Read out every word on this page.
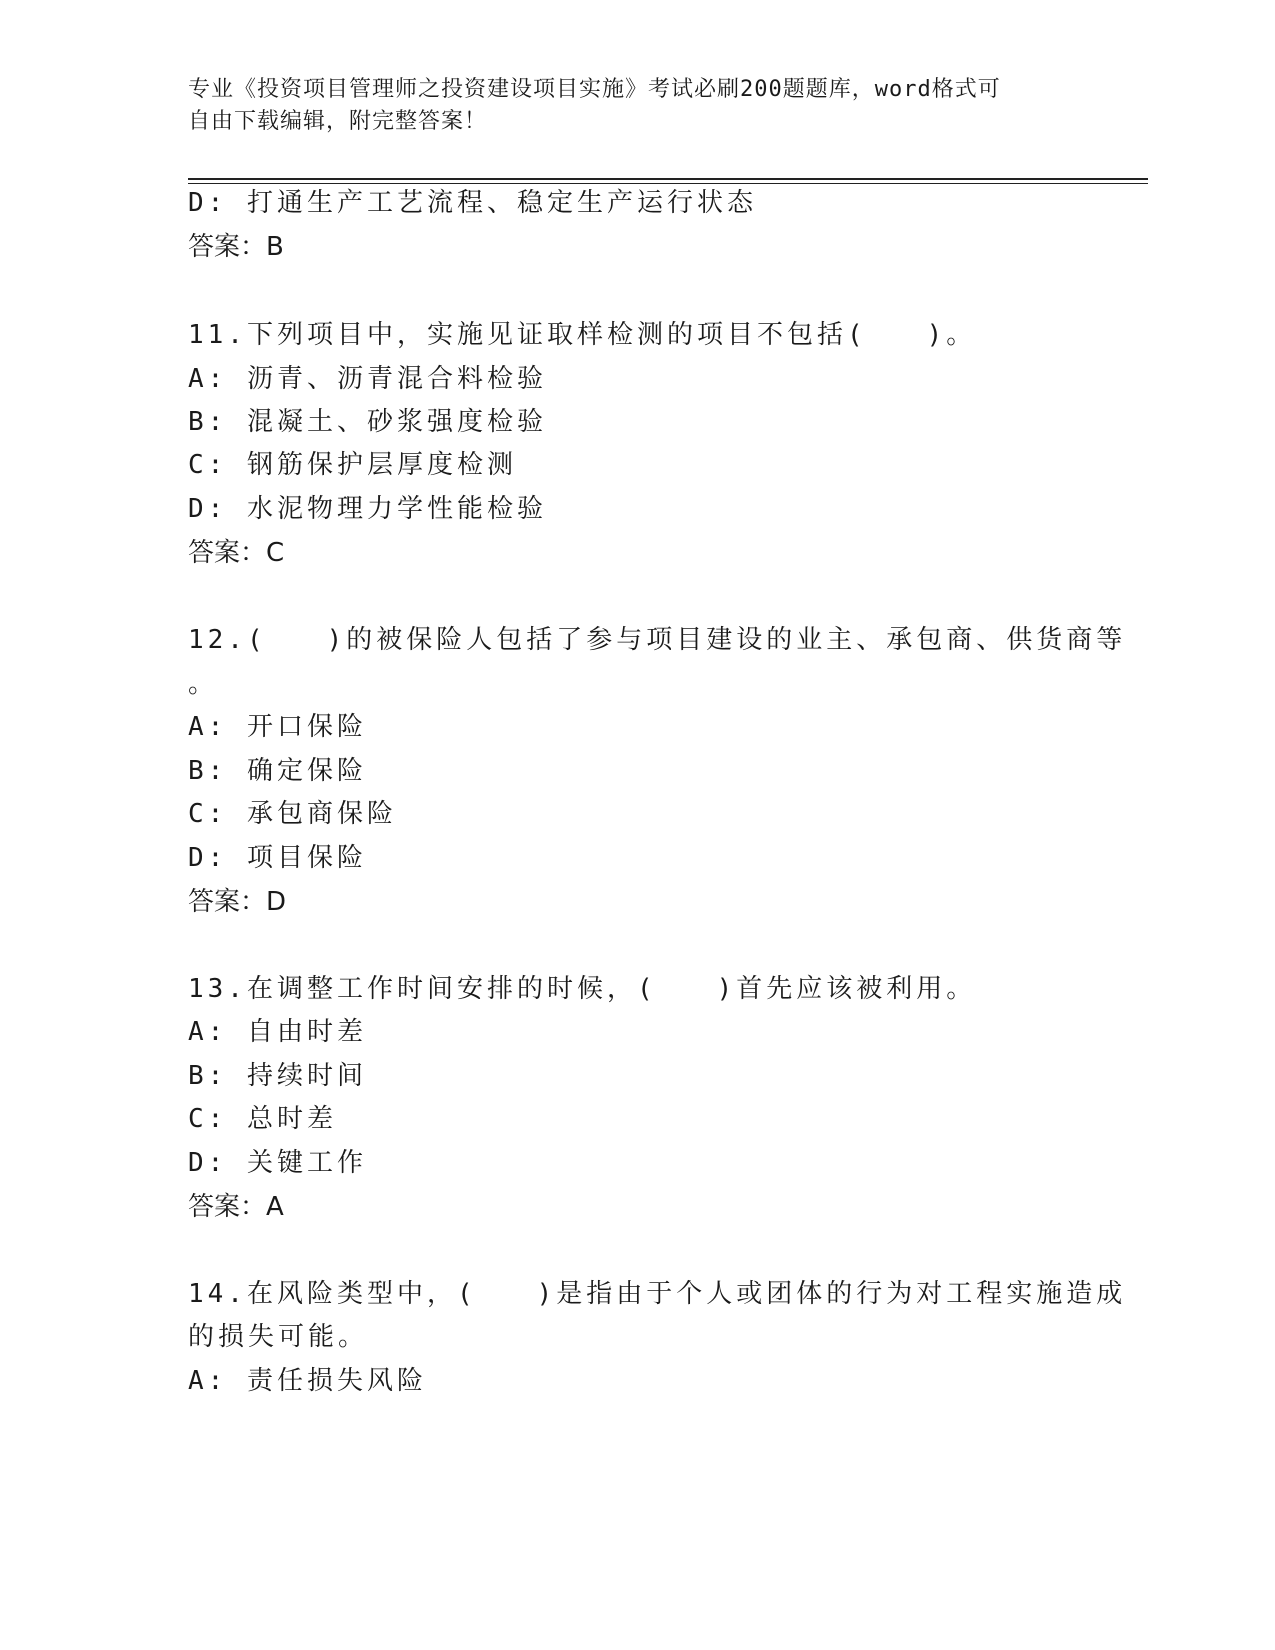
专业《投资项目管理师之投资建设项目实施》考试必刷200题题库，word格式可
自由下载编辑，附完整答案！
D: 打通生产工艺流程、稳定生产运行状态
答案：B
11.下列项目中，实施见证取样检测的项目不包括(　　)。
A: 沥青、沥青混合料检验
B: 混凝土、砂浆强度检验
C: 钢筋保护层厚度检测
D: 水泥物理力学性能检验
答案：C
12.(　　)的被保险人包括了参与项目建设的业主、承包商、供货商等
。
A: 开口保险
B: 确定保险
C: 承包商保险
D: 项目保险
答案：D
13.在调整工作时间安排的时候，(　　)首先应该被利用。
A: 自由时差
B: 持续时间
C: 总时差
D: 关键工作
答案：A
14.在风险类型中，(　　)是指由于个人或团体的行为对工程实施造成
的损失可能。
A: 责任损失风险
